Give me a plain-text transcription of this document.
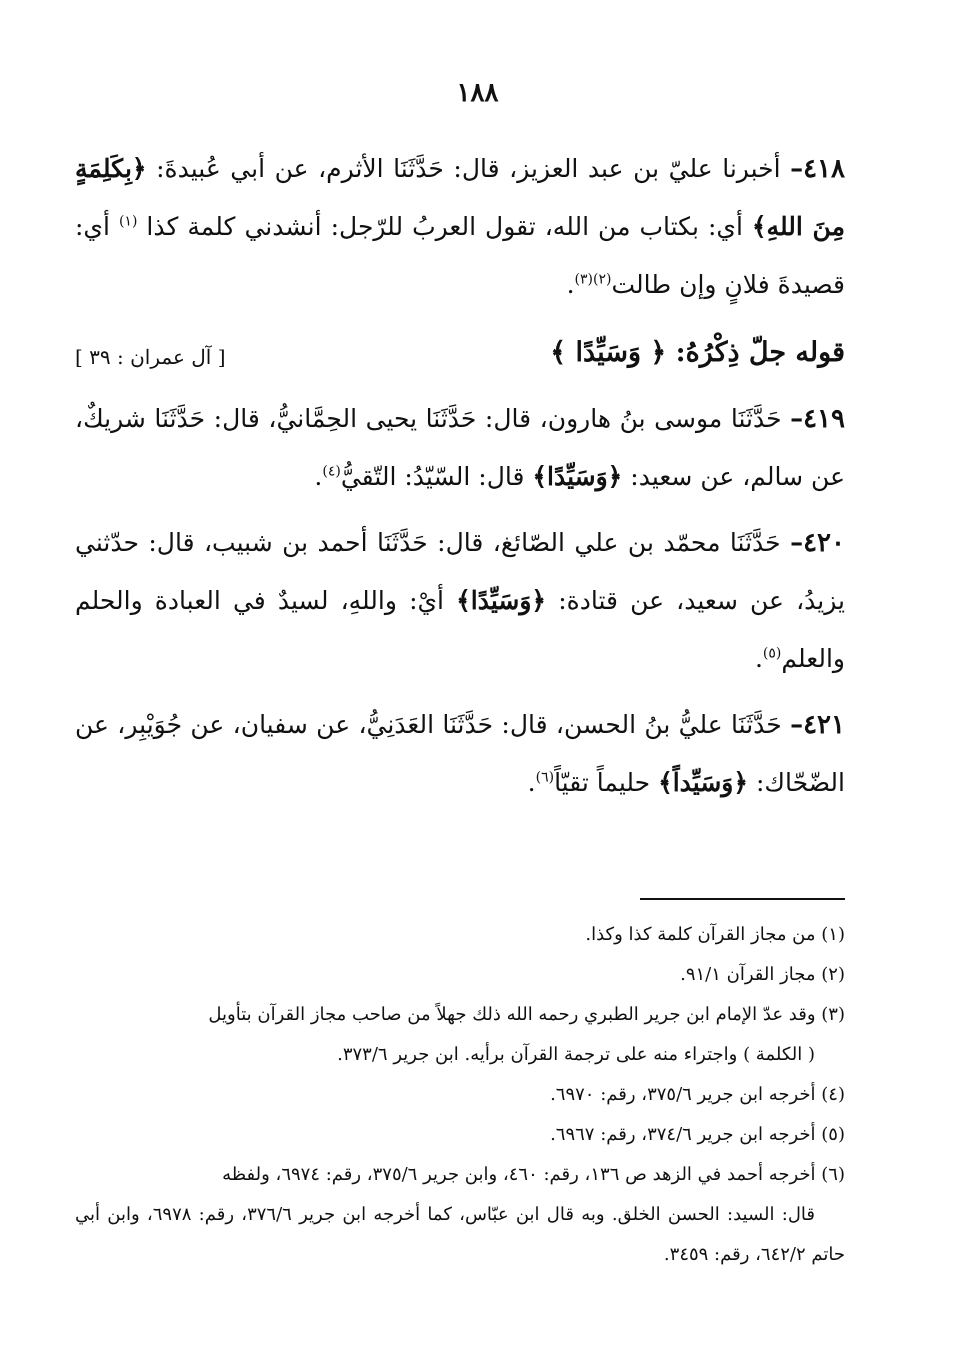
١٨٨

٤١٨– أخبرنا عليّ بن عبد العزيز، قال: حَدَّثَنَا الأثرم، عن أبي عُبيدةَ: ﴿بِكَلِمَةٍ مِنَ اللهِ﴾ أي: بكتاب من الله، تقول العربُ للرّجل: أنشدني كلمة كذا $^{(١)}$ أي: قصيدةَ فلانٍ وإن طالت$^{(٢)(٣)}$.

قوله جلّ ذِكْرُهُ: ﴿ وَسَيِّدًا ﴾
[ آل عمران : ٣٩ ]

٤١٩– حَدَّثَنَا موسى بنُ هارون، قال: حَدَّثَنَا يحيى الحِمَّانيُّ، قال: حَدَّثَنَا شريكٌ، عن سالم، عن سعيد: ﴿وَسَيِّدًا﴾ قال: السّيّدُ: التّقيُّ$^{(٤)}$.

٤٢٠– حَدَّثَنَا محمّد بن علي الصّائغ، قال: حَدَّثَنَا أحمد بن شبيب، قال: حدّثني يزيدُ، عن سعيد، عن قتادة: ﴿وَسَيِّدًا﴾ أيْ: واللهِ، لسيدٌ في العبادة والحلم والعلم$^{(٥)}$.

٤٢١– حَدَّثَنَا عليُّ بنُ الحسن، قال: حَدَّثَنَا العَدَنِيُّ، عن سفيان، عن جُوَيْبِر، عن الضّحّاك: ﴿وَسَيِّداً﴾ حليماً تقيّاً$^{(٦)}$.

(١) من مجاز القرآن كلمة كذا وكذا.

(٢) مجاز القرآن ٩١/١.

(٣) وقد عدّ الإمام ابن جرير الطبري رحمه الله ذلك جهلاً من صاحب مجاز القرآن بتأويل
( الكلمة ) واجتراء منه على ترجمة القرآن برأيه. ابن جرير ٣٧٣/٦.

(٤) أخرجه ابن جرير ٣٧٥/٦، رقم: ٦٩٧٠.

(٥) أخرجه ابن جرير ٣٧٤/٦، رقم: ٦٩٦٧.

(٦) أخرجه أحمد في الزهد ص ١٣٦، رقم: ٤٦٠، وابن جرير ٣٧٥/٦، رقم: ٦٩٧٤، ولفظه
قال: السيد: الحسن الخلق. وبه قال ابن عبّاس، كما أخرجه ابن جرير ٣٧٦/٦، رقم: ٦٩٧٨، وابن أبي حاتم ٦٤٢/٢، رقم: ٣٤٥٩.
